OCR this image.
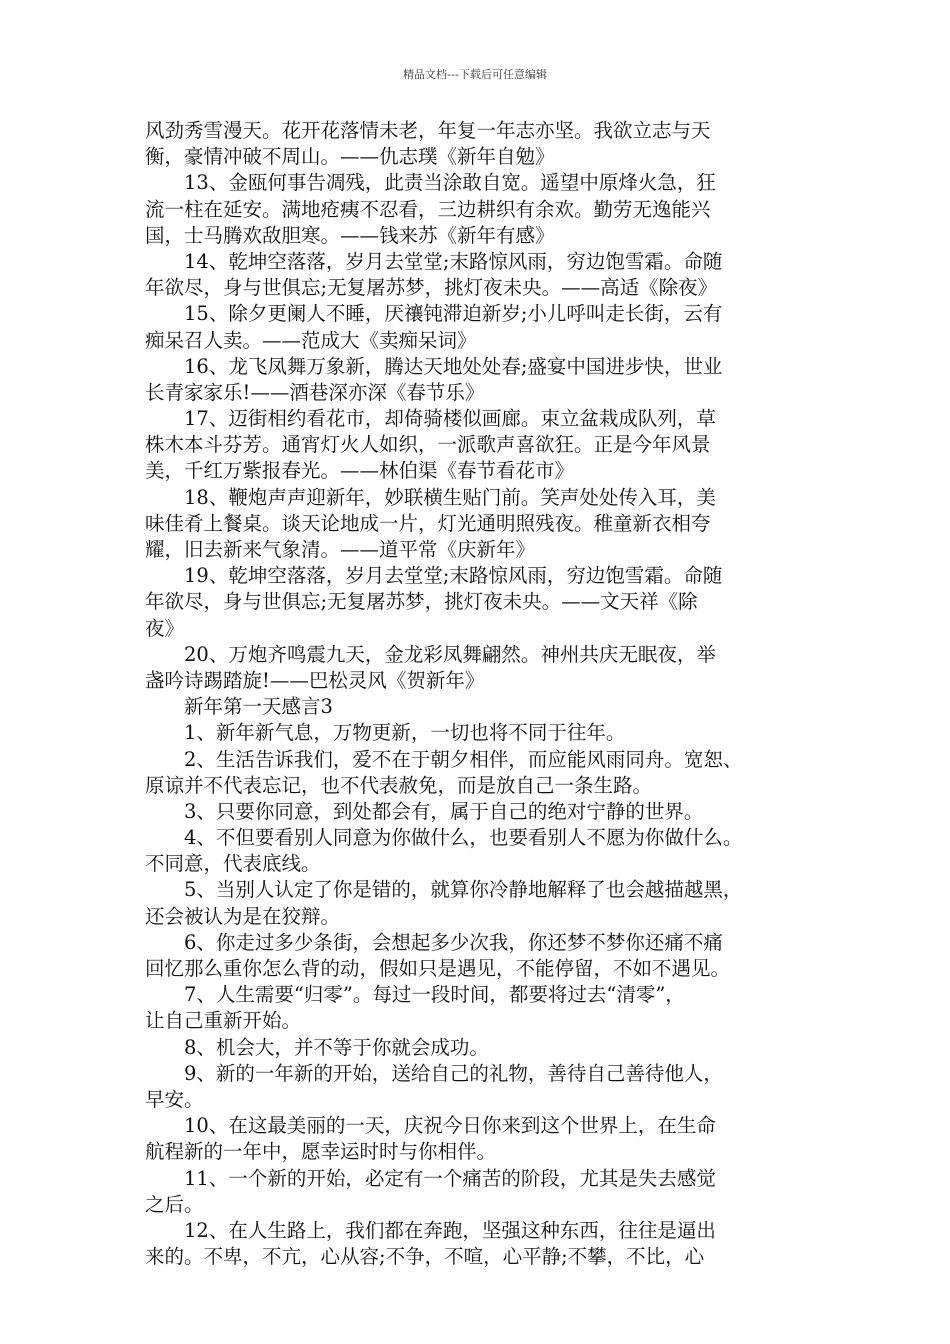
精品文档---下载后可任意编辑
风劲秀雪漫天。花开花落情未老，年复一年志亦坚。我欲立志与天
衡，豪情冲破不周山。——仇志璞《新年自勉》
　　13、金瓯何事告凋残，此责当涂敢自宽。遥望中原烽火急，狂
流一柱在延安。满地疮痍不忍看，三边耕织有余欢。勤劳无逸能兴
国，士马腾欢敌胆寒。——钱来苏《新年有感》
　　14、乾坤空落落，岁月去堂堂;末路惊风雨，穷边饱雪霜。命随
年欲尽，身与世俱忘;无复屠苏梦，挑灯夜未央。——高适《除夜》
　　15、除夕更阑人不睡，厌禳钝滞迫新岁;小儿呼叫走长街，云有
痴呆召人卖。——范成大《卖痴呆词》
　　16、龙飞凤舞万象新，腾达天地处处春;盛宴中国进步快，世业
长青家家乐!——酒巷深亦深《春节乐》
　　17、迈街相约看花市，却倚骑楼似画廊。束立盆栽成队列，草
株木本斗芬芳。通宵灯火人如织，一派歌声喜欲狂。正是今年风景
美，千红万紫报春光。——林伯渠《春节看花市》
　　18、鞭炮声声迎新年，妙联横生贴门前。笑声处处传入耳，美
味佳肴上餐桌。谈天论地成一片，灯光通明照残夜。稚童新衣相夸
耀，旧去新来气象清。——道平常《庆新年》
　　19、乾坤空落落，岁月去堂堂;末路惊风雨，穷边饱雪霜。命随
年欲尽，身与世俱忘;无复屠苏梦，挑灯夜未央。——文天祥《除
夜》
　　20、万炮齐鸣震九天，金龙彩凤舞翩然。神州共庆无眠夜，举
盏吟诗踢踏旋!——巴松灵风《贺新年》
　　新年第一天感言3
　　1、新年新气息，万物更新，一切也将不同于往年。
　　2、生活告诉我们，爱不在于朝夕相伴，而应能风雨同舟。宽恕、
原谅并不代表忘记，也不代表赦免，而是放自己一条生路。
　　3、只要你同意，到处都会有，属于自己的绝对宁静的世界。
　　4、不但要看别人同意为你做什么，也要看别人不愿为你做什么。
不同意，代表底线。
　　5、当别人认定了你是错的，就算你冷静地解释了也会越描越黑，
还会被认为是在狡辩。
　　6、你走过多少条街，会想起多少次我，你还梦不梦你还痛不痛
回忆那么重你怎么背的动，假如只是遇见，不能停留，不如不遇见。
　　7、人生需要“归零”。每过一段时间，都要将过去“清零”，
让自己重新开始。
　　8、机会大，并不等于你就会成功。
　　9、新的一年新的开始，送给自己的礼物，善待自己善待他人，
早安。
　　10、在这最美丽的一天，庆祝今日你来到这个世界上，在生命
航程新的一年中，愿幸运时时与你相伴。
　　11、一个新的开始，必定有一个痛苦的阶段，尤其是失去感觉
之后。
　　12、在人生路上，我们都在奔跑，坚强这种东西，往往是逼出
来的。不卑，不亢，心从容;不争，不喧，心平静;不攀，不比，心
